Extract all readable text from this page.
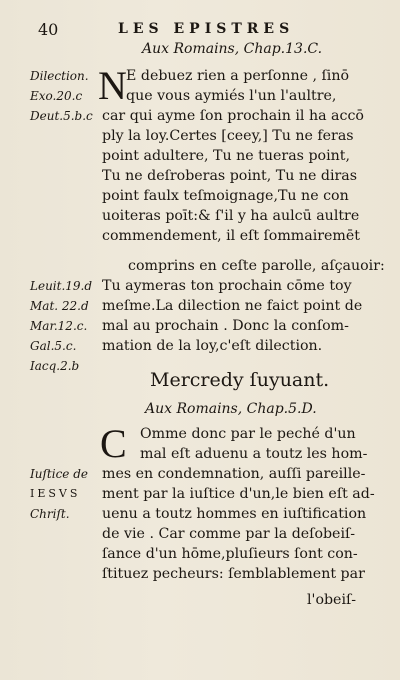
40	LES EPISTRES
Aux Romains, Chap.13.C.
N E debuez rien a perſonne , ſinō
que vous aymiés l'un l'aultre,
car qui ayme ſon prochain il ha accō
ply la loy.Certes [ceey,] Tu ne feras
point adultere, Tu ne tueras point,
Tu ne deſroberas point, Tu ne diras
point faulx teſmoignage,Tu ne con
uoiteras poīt:& ſ'il y ha aulcū aultre
commendement, il eſt ſommairemēt
comprins en ceſte parolle, aſçauoir:
Tu aymeras ton prochain cōme toy
meſme.La dilection ne faict point de
mal au prochain . Donc la conſom-
mation de la loy,c'eſt dilection.
Dilection.
Exo.20.c
Deut.5.b.c
Leuit.19.d
Mat. 22.d
Mar.12.c.
Gal.5.c.
Iacq.2.b
Mercredy ſuyuant.
Aux Romains, Chap.5.D.
C Omme donc par le peché d'un
mal eſt aduenu a toutz les hom-
mes en condemnation, auſſi pareille-
ment par la iuſtice d'un,le bien eſt ad-
uenu a toutz hommes en iuſtification
de vie . Car comme par la deſobeiſ-
ſance d'un hōme,pluſieurs ſont con-
ſtituez pecheurs: ſemblablement par
Iuſtice de
IESVS
Chriſt.
l'obeiſ-
